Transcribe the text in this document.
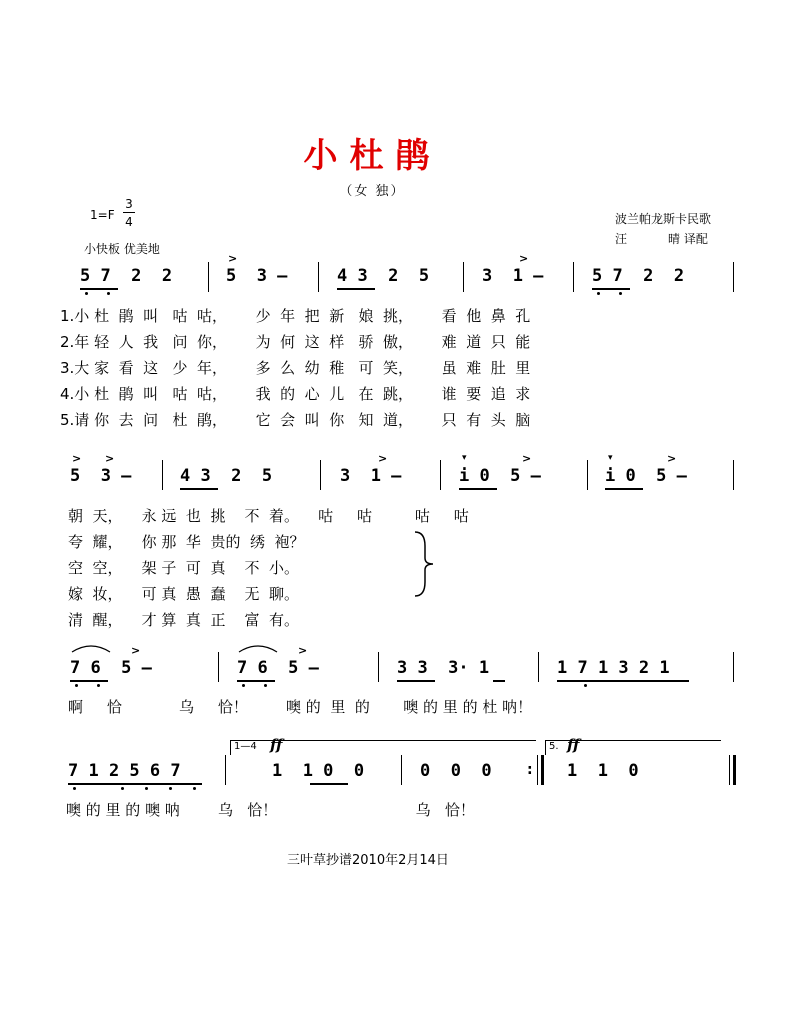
小杜鹃
（女 独）
1=F
3
4
小快板 优美地
波兰帕龙斯卡民歌
汪	晴 译配
5 7  2  2	5  3 –	4 3  2  5	3  1 –	5 7  2  2
>	>
1.小 杜  鹃  叫   咕  咕，      少  年  把  新   娘  挑，      看  他  鼻  孔
2.年 轻  人  我   问  你，      为  何  这  样   骄  傲，      难  道  只  能
3.大 家  看  这   少  年，      多  么  幼  稚   可  笑，      虽  难  肚  里
4.小 杜  鹃  叫   咕  咕，      我  的  心  儿   在  跳，      谁  要  追  求
5.请 你  去  问   杜  鹃，      它  会  叫  你   知  道，      只  有  头  脑
5  3 –	4 3  2  5	3  1 –	i 0  5 –	i 0  5 –
> >	>	▾	>	▾	>
朝  天，    永 远  也  挑    不  着。    咕     咕         咕     咕
夸  耀，    你 那  华  贵的  绣  袍？
空  空，    架 子  可  真    不  小。
嫁  妆，    可 真  愚  蠢    无  聊。
清  醒，    才 算  真  正    富  有。
7 6  5 –	7 6  5 –	3 3  3· 1	1 7 1 3 2 1
>	>
啊     恰            乌     恰！        噢 的  里  的       噢 的 里 的 杜 呐！
1—4 ff	5. ff
:
7 1 2 5 6 7	1  1 0  0	0  0  0	1  1  0
噢 的 里 的 噢 呐        乌   恰！                             乌   恰！
三叶草抄谱2010年2月14日
